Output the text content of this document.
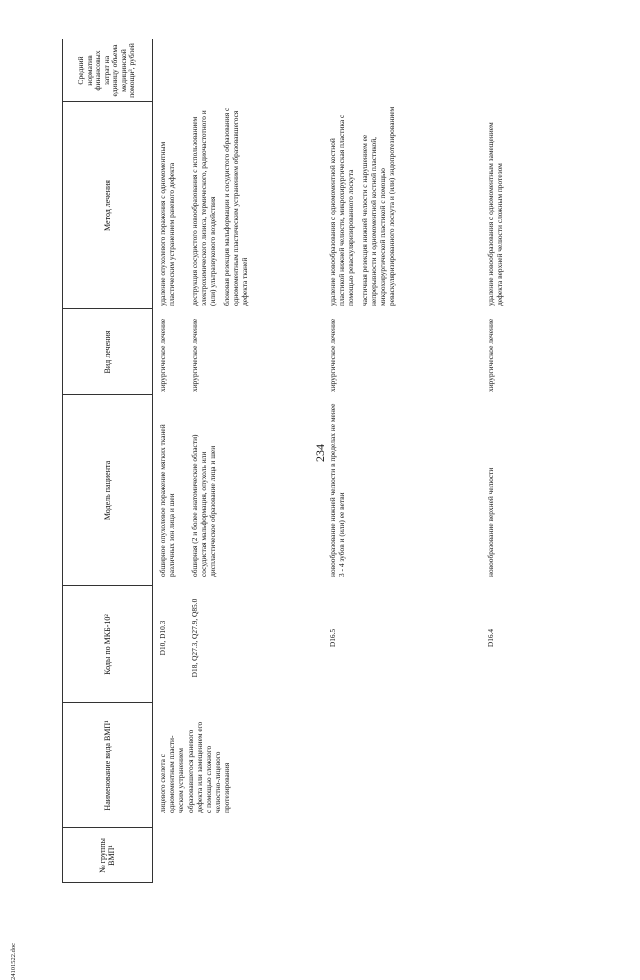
234
24101522.doc
№ группы ВМП¹
Наименование вида ВМП¹
Коды по МКБ-10²
Модель пациента
Вид лечения
Метод лечения
Средний норматив финансовых затрат на единицу объема медицинской помощи³, рублей
лицевого скелета с одномоментным пласти-ческим устранением образовавшегося раневого дефекта или замещением его с помощью сложного челюстно-лицевого протезирования
D10, D10.3
обширное опухолевое поражение мягких тканей различных зон лица и шеи
хирургическое лечение

удаление опухолевого поражения с одномоментным пластическим устранением раневого дефекта

D18, Q27.3, Q27.9, Q85.0
обширная (2 и более анатомические области) сосудистая мальформация, опухоль или диспластическое образование лица и шеи
хирургическое лечение

деструкция сосудистого новообразования с использованием электрохимического лизиса, термического, радиочастотного и (или) ультразвукового воздействия блоковая резекция мальформации и сосудистого образования с одномоментным пластическим устранением образовавшегося дефекта тканей

D16.5
новообразование нижней челюсти в пределах не менее 3 - 4 зубов и (или) ее ветви
хирургическое лечение

удаление новообразования с одномоментной костной пластикой нижней челюсти, микрохирургическая пластика с помощью реваскуляризированного лоскута частичная резекция нижней челюсти с нарушением ее непрерывности и одномоментной костной пластикой, микрохирургической пластикой с помощью реваскуляризированного лоскута и (или) эндопротезированием

D16.4
новообразование верхней челюсти
хирургическое лечение

удаление новообразования с одномоментным замещением дефекта верхней челюсти сложным протезом
